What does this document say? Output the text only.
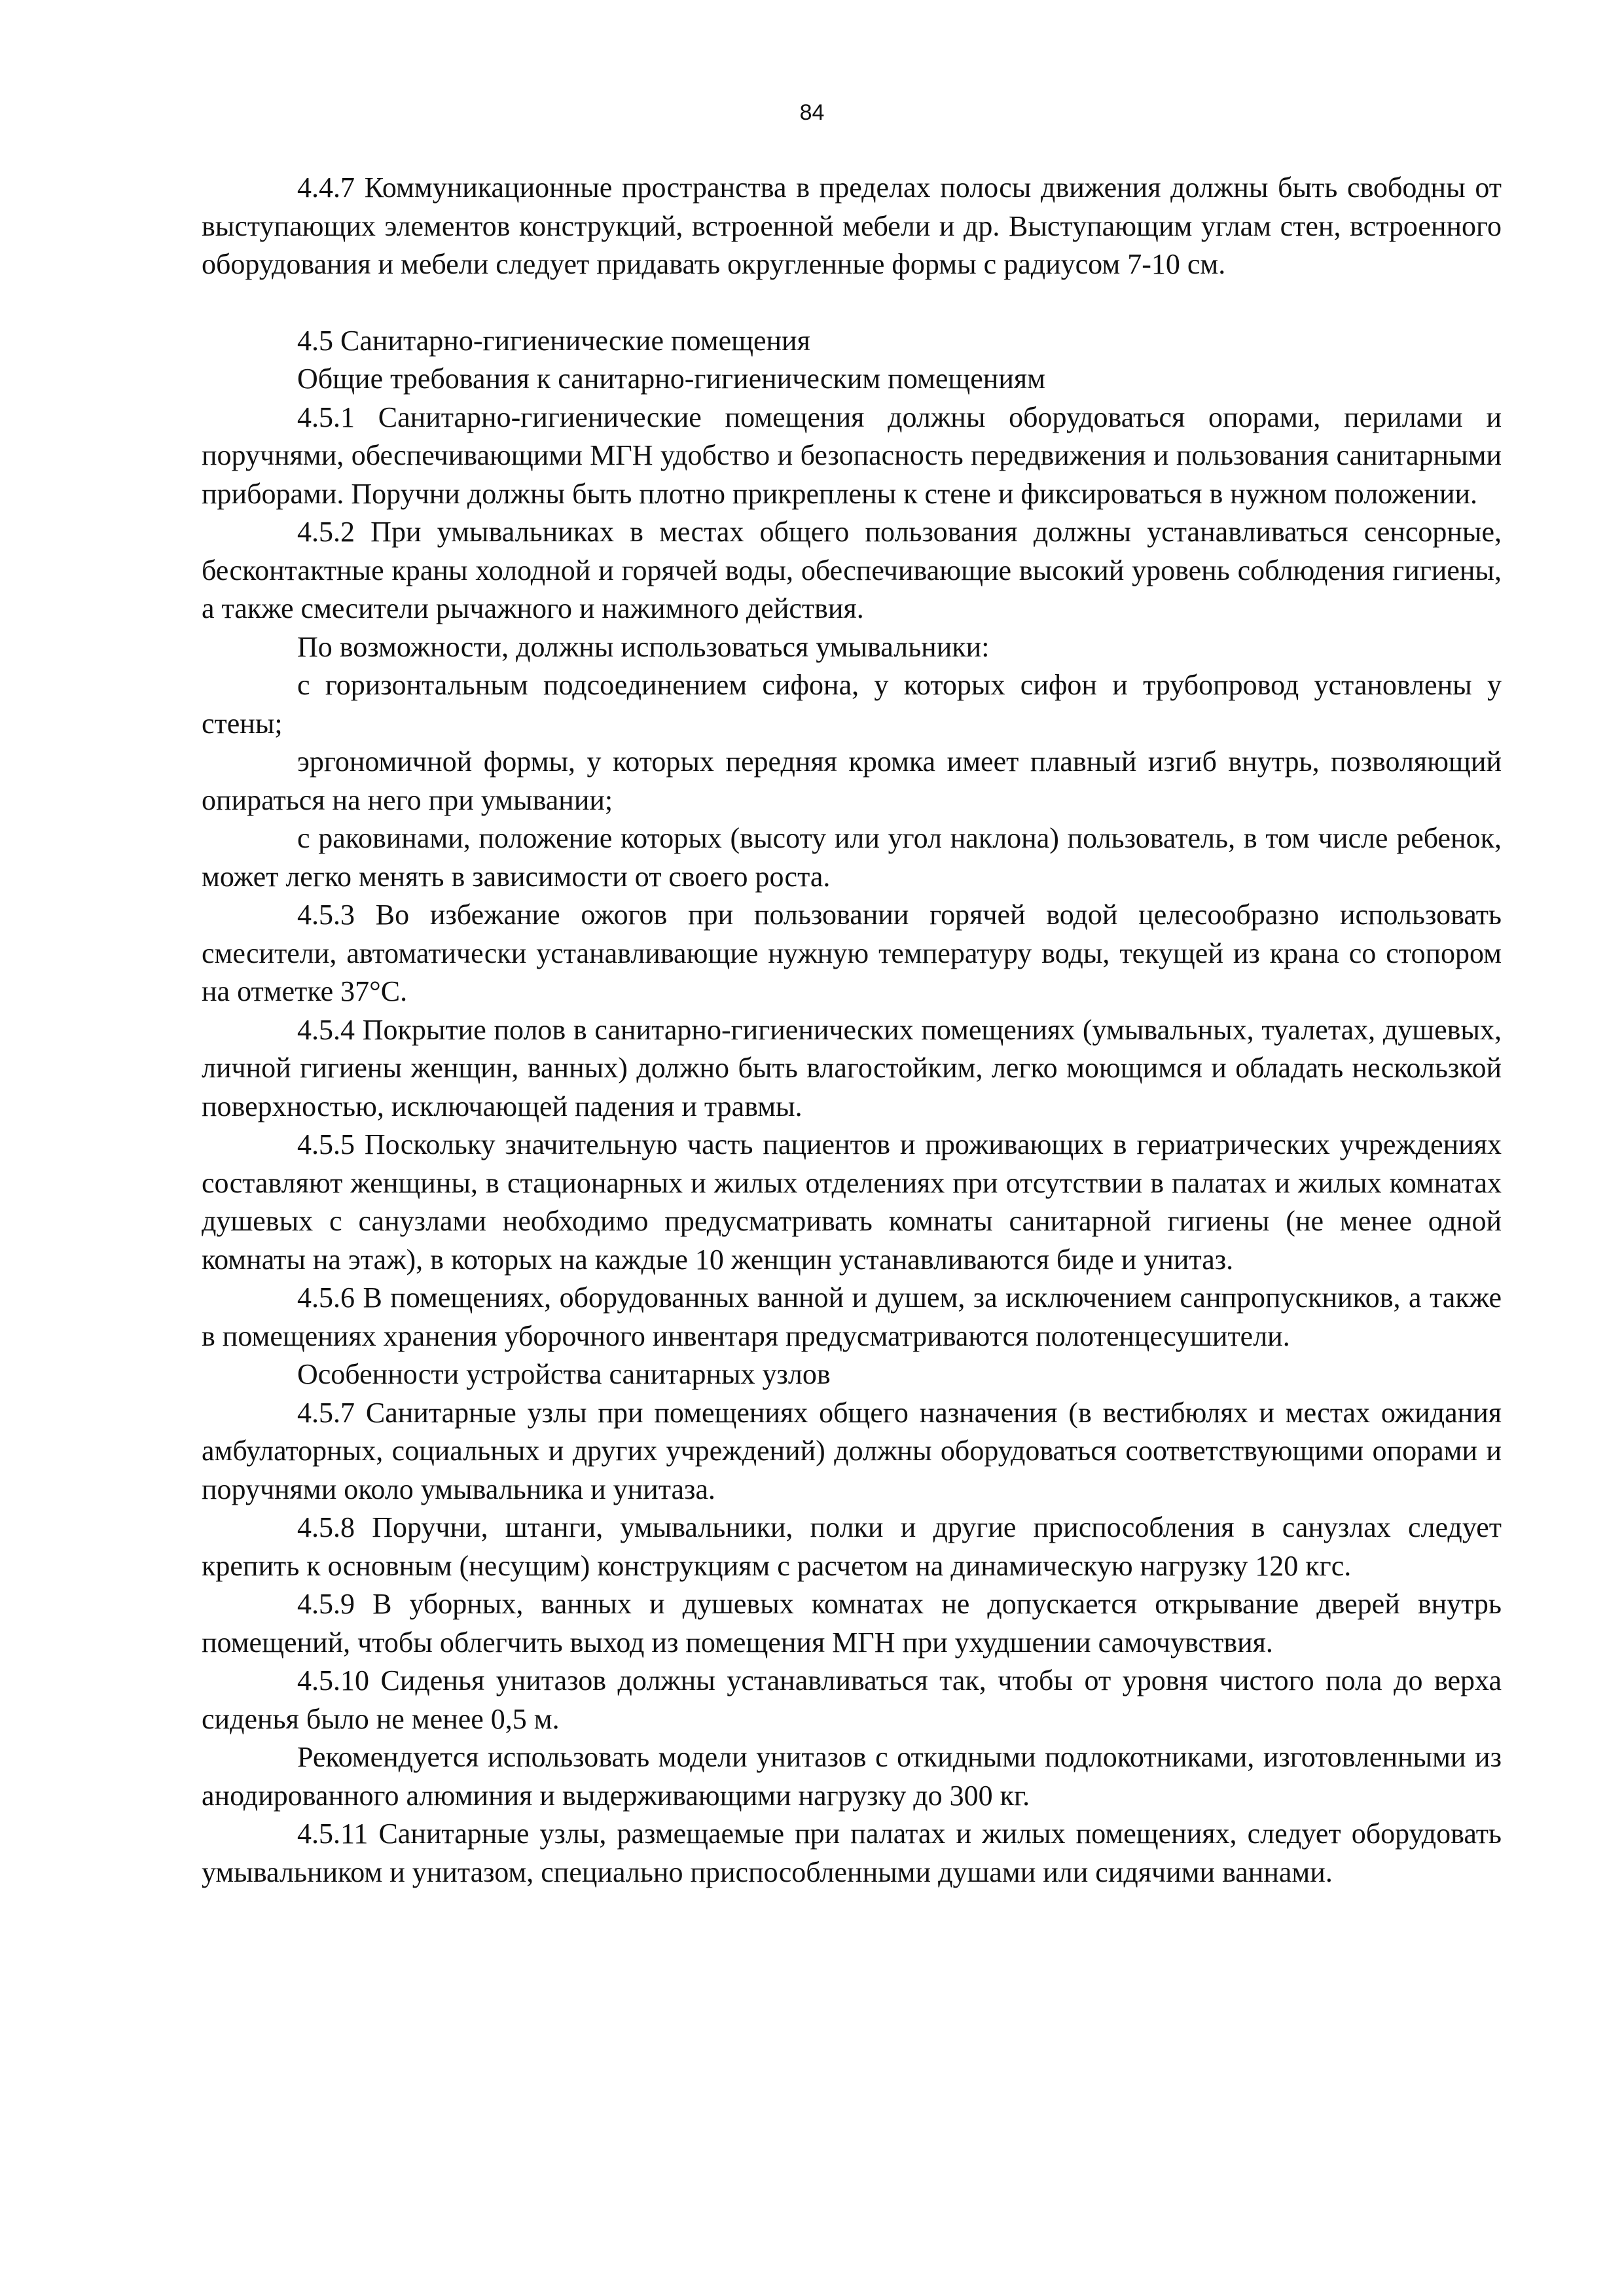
84

4.4.7 Коммуникационные пространства в пределах полосы движения должны быть свободны от выступающих элементов конструкций, встроенной мебели и др. Выступающим углам стен, встроенного оборудования и мебели следует придавать округленные формы с радиусом 7-10 см.

4.5 Санитарно-гигиенические помещения

Общие требования к санитарно-гигиеническим помещениям

4.5.1 Санитарно-гигиенические помещения должны оборудоваться опорами, перилами и поручнями, обеспечивающими МГН удобство и безопасность передвижения и пользования санитарными приборами. Поручни должны быть плотно прикреплены к стене и фиксироваться в нужном положении.

4.5.2 При умывальниках в местах общего пользования должны устанавливаться сенсорные, бесконтактные краны холодной и горячей воды, обеспечивающие высокий уровень соблюдения гигиены, а также смесители рычажного и нажимного действия.

По возможности, должны использоваться умывальники:

с горизонтальным подсоединением сифона, у которых сифон и трубопровод установлены у стены;

эргономичной формы, у которых передняя кромка имеет плавный изгиб внутрь, позволяющий опираться на него при умывании;

с раковинами, положение которых (высоту или угол наклона) пользователь, в том числе ребенок, может легко менять в зависимости от своего роста.

4.5.3 Во избежание ожогов при пользовании горячей водой целесообразно использовать смесители, автоматически устанавливающие нужную температуру воды, текущей из крана со стопором на отметке 37°C.

4.5.4 Покрытие полов в санитарно-гигиенических помещениях (умывальных, туалетах, душевых, личной гигиены женщин, ванных) должно быть влагостойким, легко моющимся и обладать нескользкой поверхностью, исключающей падения и травмы.

4.5.5 Поскольку значительную часть пациентов и проживающих в гериатрических учреждениях составляют женщины, в стационарных и жилых отделениях при отсутствии в палатах и жилых комнатах душевых с санузлами необходимо предусматривать комнаты санитарной гигиены (не менее одной комнаты на этаж), в которых на каждые 10 женщин устанавливаются биде и унитаз.

4.5.6 В помещениях, оборудованных ванной и душем, за исключением санпропускников, а также в помещениях хранения уборочного инвентаря предусматриваются полотенцесушители.

Особенности устройства санитарных узлов

4.5.7 Санитарные узлы при помещениях общего назначения (в вестибюлях и местах ожидания амбулаторных, социальных и других учреждений) должны оборудоваться соответствующими опорами и поручнями около умывальника и унитаза.

4.5.8 Поручни, штанги, умывальники, полки и другие приспособления в санузлах следует крепить к основным (несущим) конструкциям с расчетом на динамическую нагрузку 120 кгс.

4.5.9 В уборных, ванных и душевых комнатах не допускается открывание дверей внутрь помещений, чтобы облегчить выход из помещения МГН при ухудшении самочувствия.

4.5.10 Сиденья унитазов должны устанавливаться так, чтобы от уровня чистого пола до верха сиденья было не менее 0,5 м.

Рекомендуется использовать модели унитазов с откидными подлокотниками, изготовленными из анодированного алюминия и выдерживающими нагрузку до 300 кг.

4.5.11 Санитарные узлы, размещаемые при палатах и жилых помещениях, следует оборудовать умывальником и унитазом, специально приспособленными душами или сидячими ваннами.
